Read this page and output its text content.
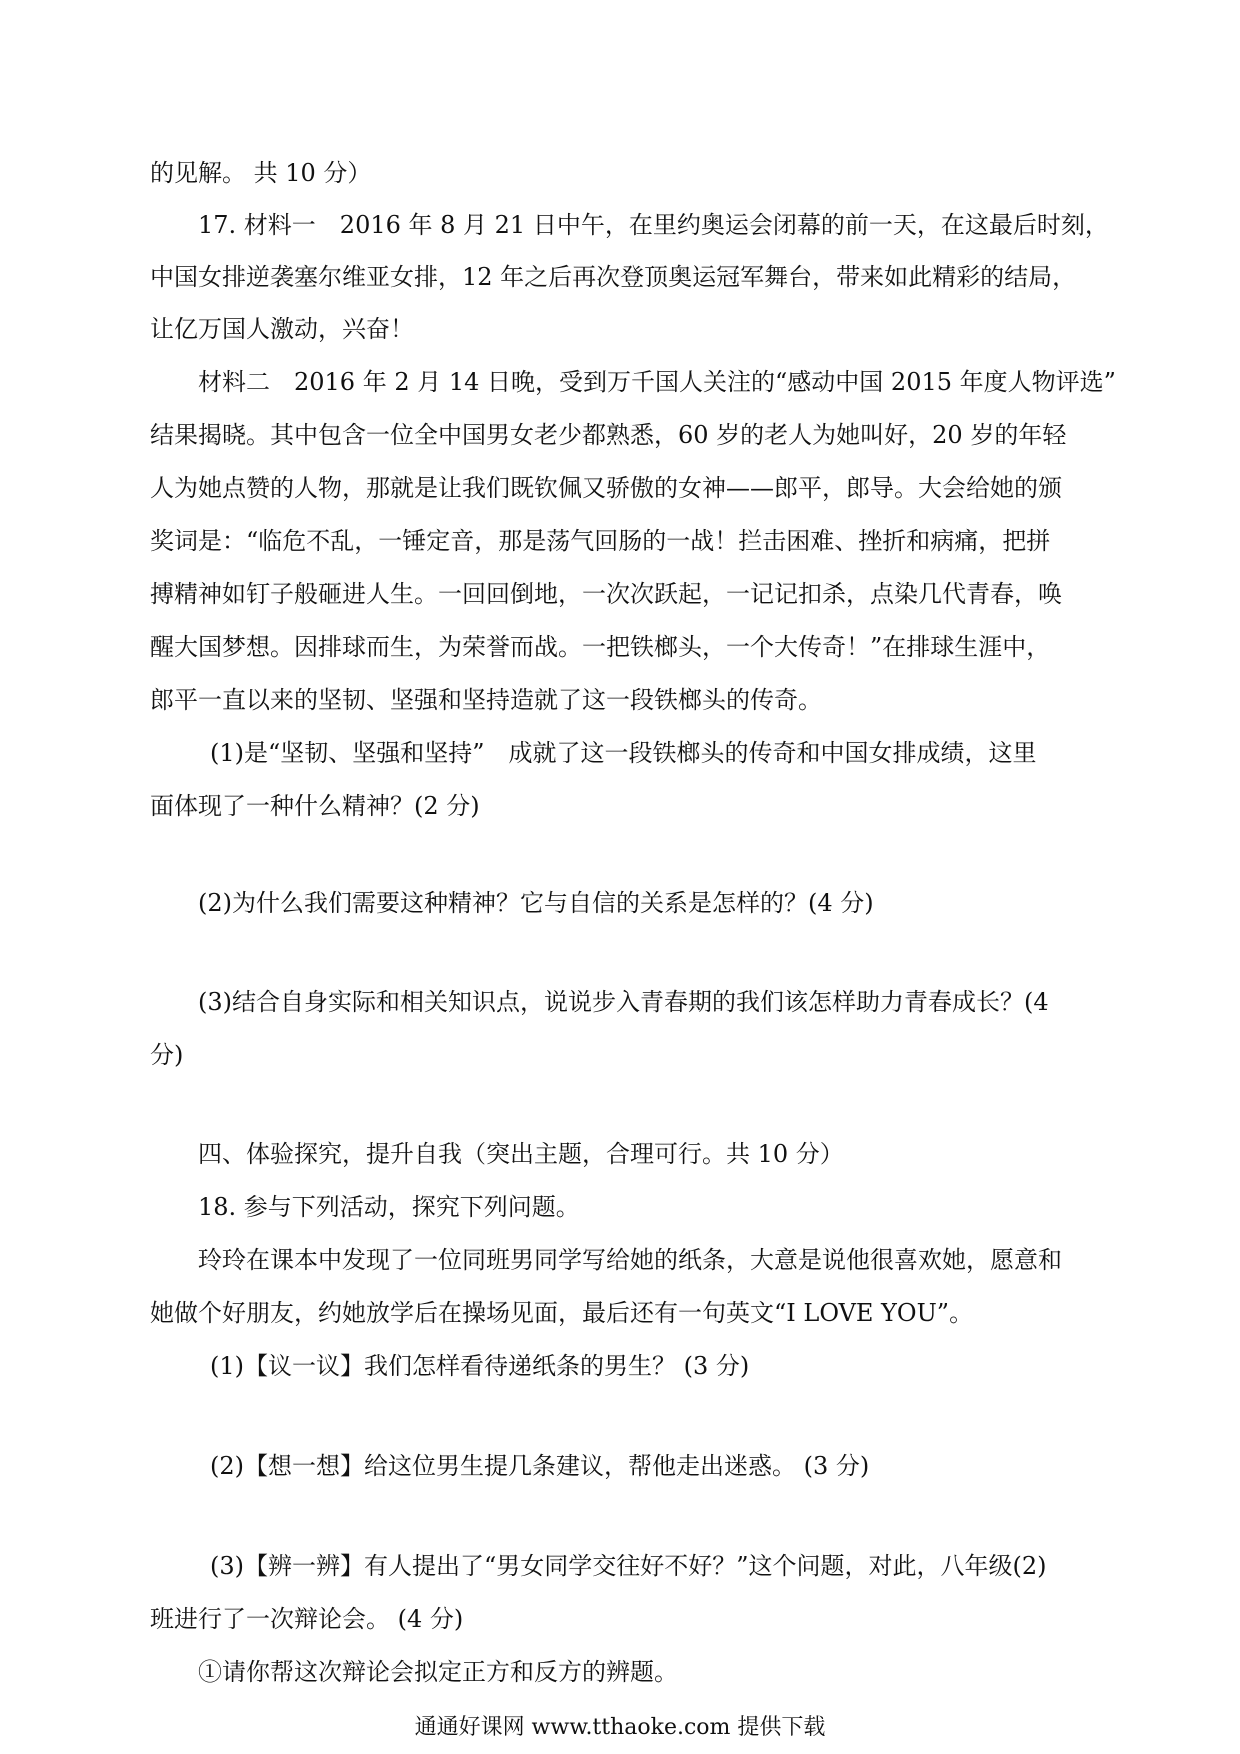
的见解。 共 10 分）
17. 材料一　2016 年 8 月 21 日中午，在里约奥运会闭幕的前一天，在这最后时刻，
中国女排逆袭塞尔维亚女排，12 年之后再次登顶奥运冠军舞台，带来如此精彩的结局，
让亿万国人激动，兴奋！
材料二　2016 年 2 月 14 日晚，受到万千国人关注的“感动中国 2015 年度人物评选”
结果揭晓。其中包含一位全中国男女老少都熟悉，60 岁的老人为她叫好，20 岁的年轻
人为她点赞的人物，那就是让我们既钦佩又骄傲的女神——郎平，郎导。大会给她的颁
奖词是：“临危不乱，一锤定音，那是荡气回肠的一战！拦击困难、挫折和病痛，把拼
搏精神如钉子般砸进人生。一回回倒地，一次次跃起，一记记扣杀，点染几代青春，唤
醒大国梦想。因排球而生，为荣誉而战。一把铁榔头，一个大传奇！”在排球生涯中，
郎平一直以来的坚韧、坚强和坚持造就了这一段铁榔头的传奇。
(1)是“坚韧、坚强和坚持”　成就了这一段铁榔头的传奇和中国女排成绩，这里
面体现了一种什么精神？(2 分)
(2)为什么我们需要这种精神？它与自信的关系是怎样的？(4 分)
(3)结合自身实际和相关知识点，说说步入青春期的我们该怎样助力青春成长？(4
分)
四、体验探究，提升自我（突出主题，合理可行。共 10 分）
18. 参与下列活动，探究下列问题。
玲玲在课本中发现了一位同班男同学写给她的纸条，大意是说他很喜欢她，愿意和
她做个好朋友，约她放学后在操场见面，最后还有一句英文“I LOVE YOU”。
(1)【议一议】我们怎样看待递纸条的男生？ (3 分)
(2)【想一想】给这位男生提几条建议，帮他走出迷惑。 (3 分)
(3)【辨一辨】有人提出了“男女同学交往好不好？”这个问题，对此，八年级(2)
班进行了一次辩论会。 (4 分)
①请你帮这次辩论会拟定正方和反方的辨题。
通通好课网 www.tthaoke.com 提供下载
